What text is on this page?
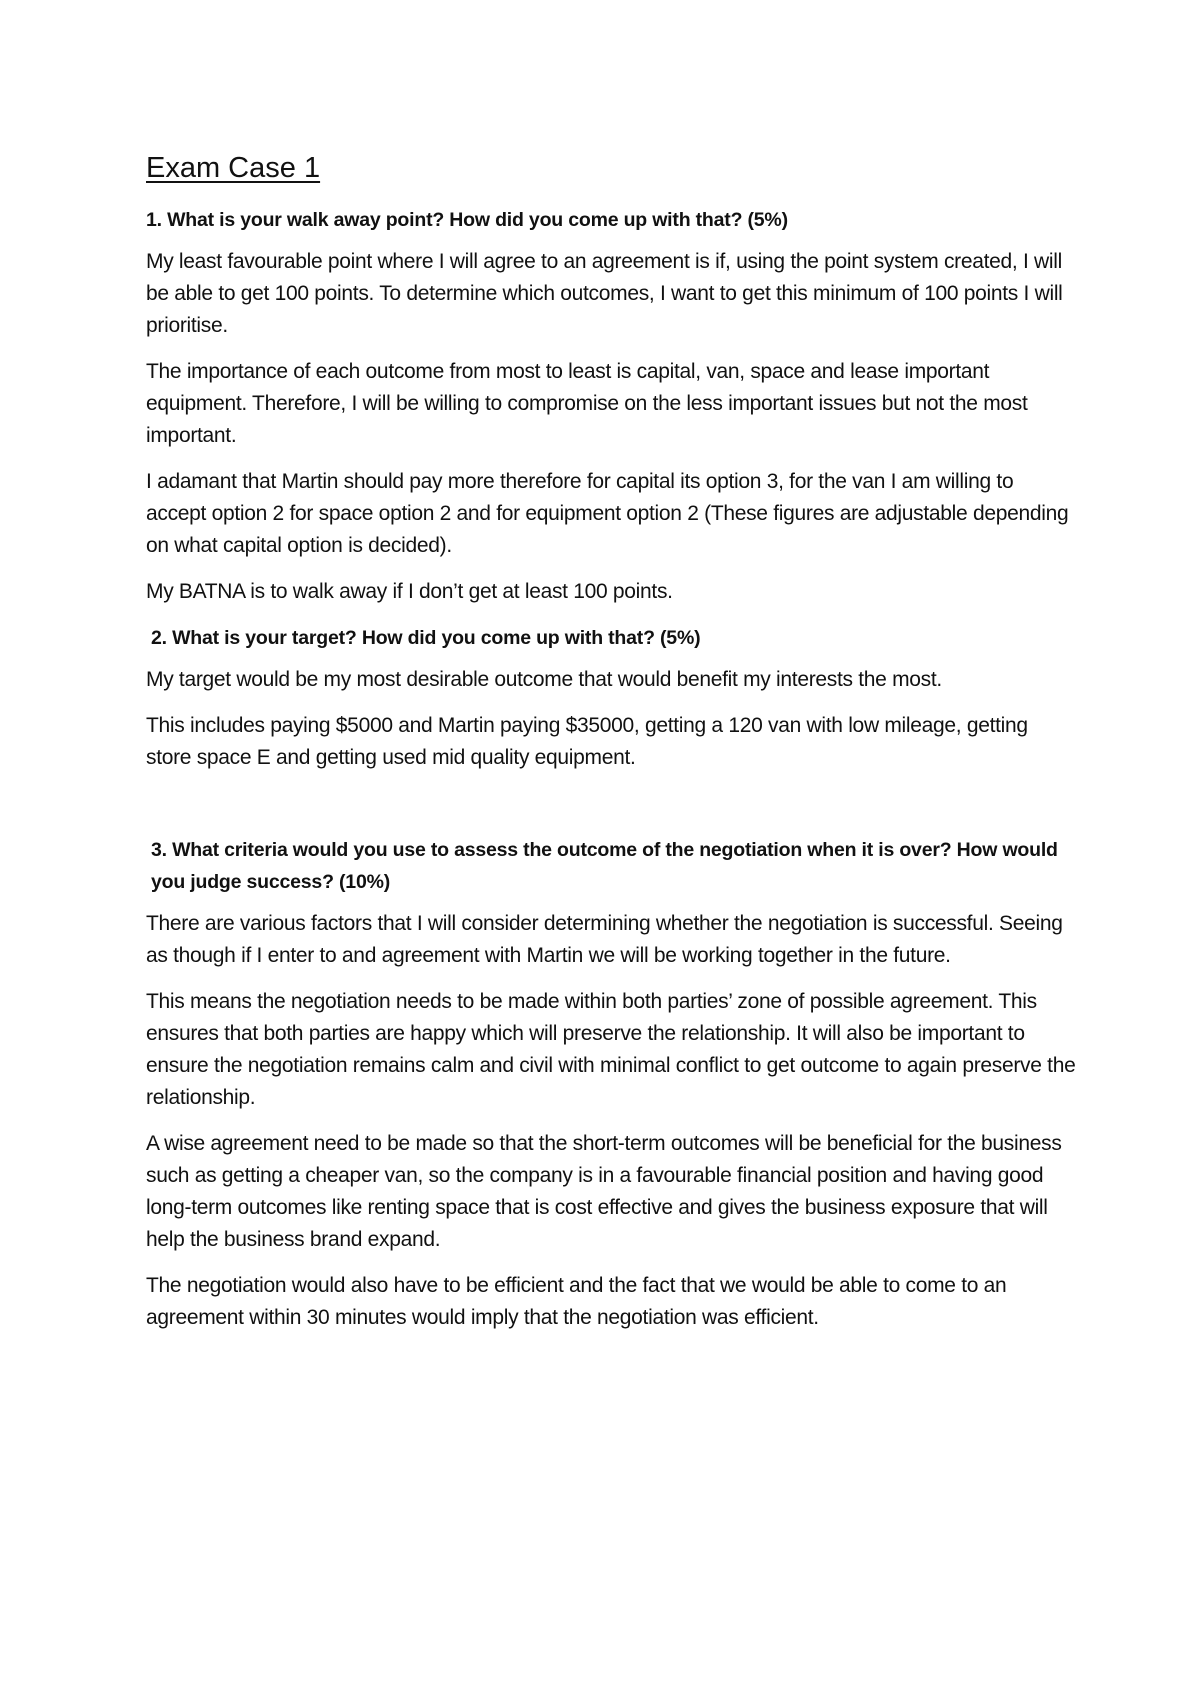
Exam Case 1
1. What is your walk away point? How did you come up with that? (5%)

My least favourable point where I will agree to an agreement is if, using the point system created, I will be able to get 100 points. To determine which outcomes, I want to get this minimum of 100 points I will prioritise.

The importance of each outcome from most to least is capital, van, space and lease important equipment. Therefore, I will be willing to compromise on the less important issues but not the most important.

I adamant that Martin should pay more therefore for capital its option 3, for the van I am willing to accept option 2 for space option 2 and for equipment option 2 (These figures are adjustable depending on what capital option is decided).

My BATNA is to walk away if I don’t get at least 100 points.

2. What is your target? How did you come up with that? (5%)

My target would be my most desirable outcome that would benefit my interests the most.

This includes paying $5000 and Martin paying $35000, getting a 120 van with low mileage, getting store space E and getting used mid quality equipment.

3. What criteria would you use to assess the outcome of the negotiation when it is over? How would you judge success? (10%)

There are various factors that I will consider determining whether the negotiation is successful. Seeing as though if I enter to and agreement with Martin we will be working together in the future.

This means the negotiation needs to be made within both parties’ zone of possible agreement. This ensures that both parties are happy which will preserve the relationship. It will also be important to ensure the negotiation remains calm and civil with minimal conflict to get outcome to again preserve the relationship.

A wise agreement need to be made so that the short-term outcomes will be beneficial for the business such as getting a cheaper van, so the company is in a favourable financial position and having good long-term outcomes like renting space that is cost effective and gives the business exposure that will help the business brand expand.

The negotiation would also have to be efficient and the fact that we would be able to come to an agreement within 30 minutes would imply that the negotiation was efficient.
